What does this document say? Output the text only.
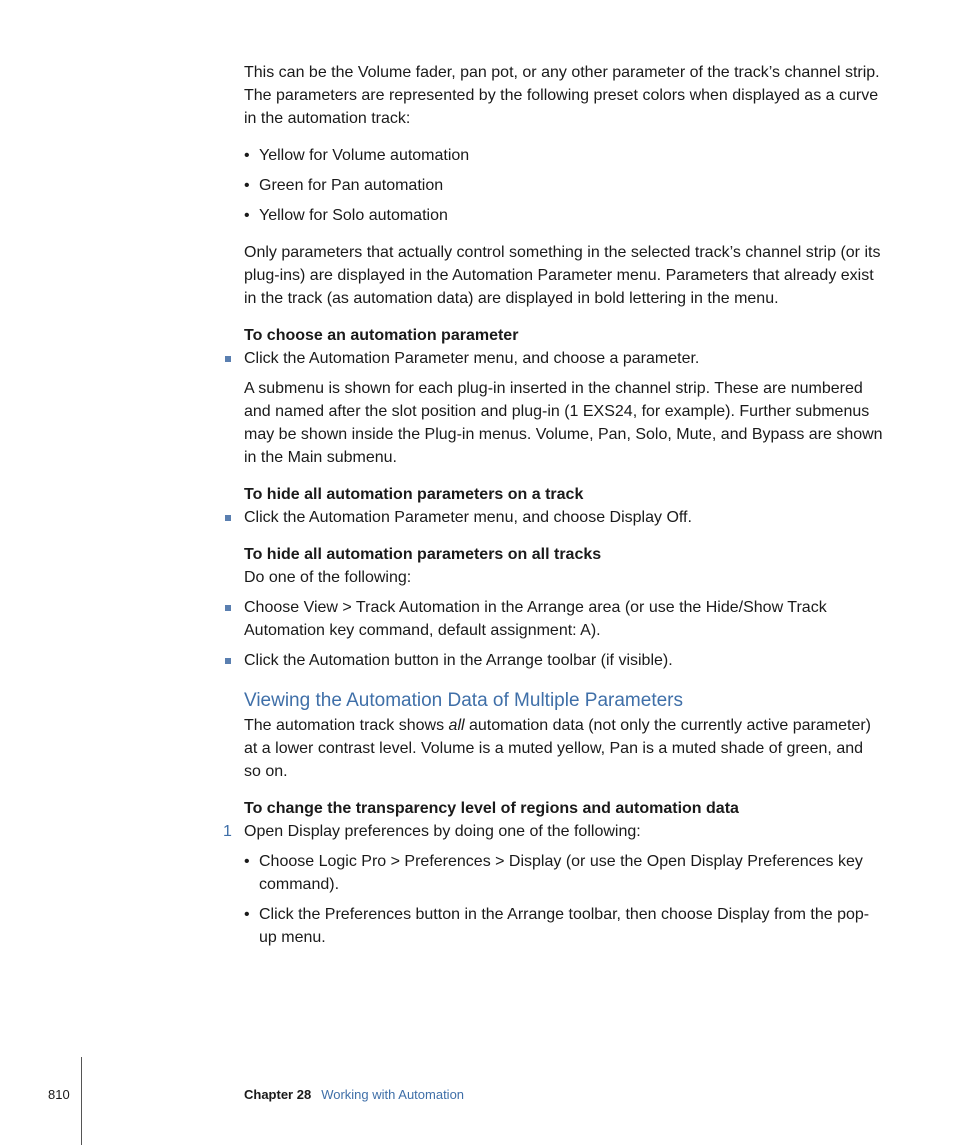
This can be the Volume fader, pan pot, or any other parameter of the track’s channel strip. The parameters are represented by the following preset colors when displayed as a curve in the automation track:

• Yellow for Volume automation
• Green for Pan automation
• Yellow for Solo automation

Only parameters that actually control something in the selected track’s channel strip (or its plug-ins) are displayed in the Automation Parameter menu. Parameters that already exist in the track (as automation data) are displayed in bold lettering in the menu.

To choose an automation parameter

Click the Automation Parameter menu, and choose a parameter.

A submenu is shown for each plug-in inserted in the channel strip. These are numbered and named after the slot position and plug-in (1 EXS24, for example). Further submenus may be shown inside the Plug-in menus. Volume, Pan, Solo, Mute, and Bypass are shown in the Main submenu.

To hide all automation parameters on a track

Click the Automation Parameter menu, and choose Display Off.

To hide all automation parameters on all tracks

Do one of the following:

Choose View > Track Automation in the Arrange area (or use the Hide/Show Track Automation key command, default assignment: A).
Click the Automation button in the Arrange toolbar (if visible).
Viewing the Automation Data of Multiple Parameters

The automation track shows all automation data (not only the currently active parameter) at a lower contrast level. Volume is a muted yellow, Pan is a muted shade of green, and so on.

To change the transparency level of regions and automation data

1 Open Display preferences by doing one of the following:
• Choose Logic Pro > Preferences > Display (or use the Open Display Preferences key command).
• Click the Preferences button in the Arrange toolbar, then choose Display from the pop-up menu.
810	Chapter 28 Working with Automation
